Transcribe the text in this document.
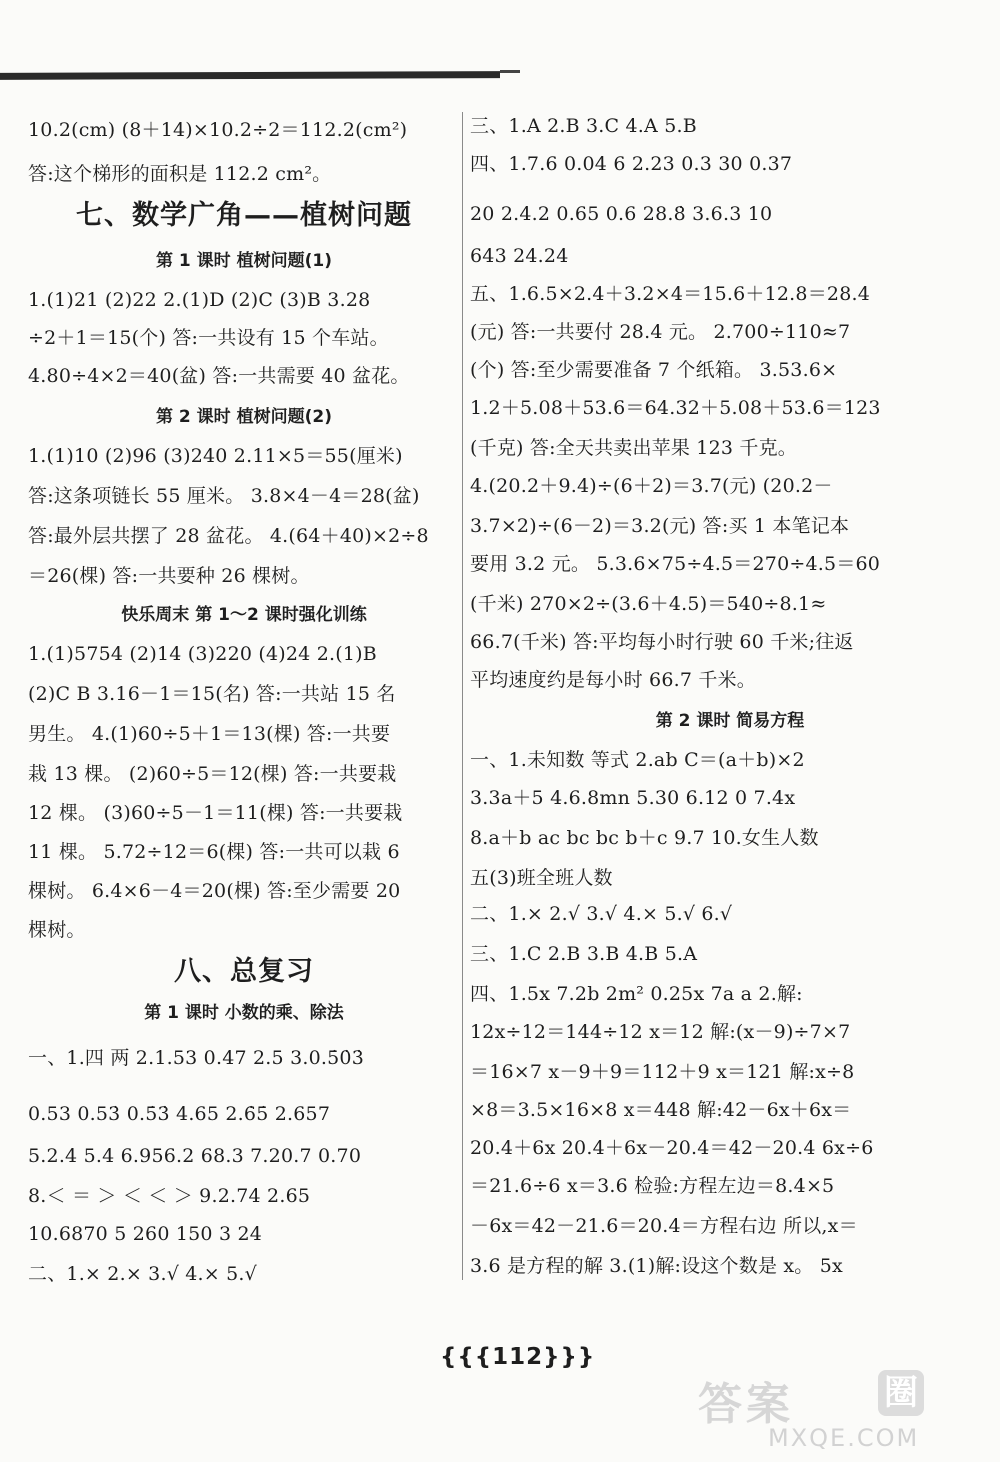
10.2(cm) (8＋14)×10.2÷2＝112.2(cm²)
答:这个梯形的面积是 112.2 cm²。
七、数学广角——植树问题
第 1 课时 植树问题(1)
1.(1)21 (2)22 2.(1)D (2)C (3)B 3.28
÷2＋1＝15(个) 答:一共设有 15 个车站。
4.80÷4×2＝40(盆) 答:一共需要 40 盆花。
第 2 课时 植树问题(2)
1.(1)10 (2)96 (3)240 2.11×5＝55(厘米)
答:这条项链长 55 厘米。 3.8×4－4＝28(盆)
答:最外层共摆了 28 盆花。 4.(64＋40)×2÷8
＝26(棵) 答:一共要种 26 棵树。
快乐周末 第 1～2 课时强化训练
1.(1)5754 (2)14 (3)220 (4)24 2.(1)B
(2)C B 3.16－1＝15(名) 答:一共站 15 名
男生。 4.(1)60÷5＋1＝13(棵) 答:一共要
栽 13 棵。 (2)60÷5＝12(棵) 答:一共要栽
12 棵。 (3)60÷5－1＝11(棵) 答:一共要栽
11 棵。 5.72÷12＝6(棵) 答:一共可以栽 6
棵树。 6.4×6－4＝20(棵) 答:至少需要 20
棵树。
八、总复习
第 1 课时 小数的乘、除法
一、1.四 两 2.1.53 0.47 2.5 3.0.5̇0̇3̇
0.53 0.53̇ 0.5̇3̇ 4.65 2.6̇5̇ 2.657
5.2.4 5.4 6.956.2 68.3 7.20.7 0.70
8.＜ ＝ ＞ ＜ ＜ ＞ 9.2.74 2.65
10.6870 5 260 150 3 24
二、1.× 2.× 3.√ 4.× 5.√
三、1.A 2.B 3.C 4.A 5.B
四、1.7.6 0.04 6 2.23 0.3 30 0.37
20 2.4.2 0.65 0.6 28.8̇ 3.6.3 10
643 24.24
五、1.6.5×2.4＋3.2×4＝15.6＋12.8＝28.4
(元) 答:一共要付 28.4 元。 2.700÷110≈7
(个) 答:至少需要准备 7 个纸箱。 3.53.6×
1.2＋5.08＋53.6＝64.32＋5.08＋53.6＝123
(千克) 答:全天共卖出苹果 123 千克。
4.(20.2＋9.4)÷(6＋2)＝3.7(元) (20.2－
3.7×2)÷(6－2)＝3.2(元) 答:买 1 本笔记本
要用 3.2 元。 5.3.6×75÷4.5＝270÷4.5＝60
(千米) 270×2÷(3.6＋4.5)＝540÷8.1≈
66.7(千米) 答:平均每小时行驶 60 千米;往返
平均速度约是每小时 66.7 千米。
第 2 课时 简易方程
一、1.未知数 等式 2.ab C＝(a＋b)×2
3.3a＋5 4.6.8mn 5.30 6.12 0 7.4x
8.a＋b ac bc bc b＋c 9.7 10.女生人数
五(3)班全班人数
二、1.× 2.√ 3.√ 4.× 5.√ 6.√
三、1.C 2.B 3.B 4.B 5.A
四、1.5x 7.2b 2m² 0.25x 7a a 2.解:
12x÷12＝144÷12 x＝12 解:(x－9)÷7×7
＝16×7 x－9＋9＝112＋9 x＝121 解:x÷8
×8＝3.5×16×8 x＝448 解:42－6x＋6x＝
20.4＋6x 20.4＋6x－20.4＝42－20.4 6x÷6
＝21.6÷6 x＝3.6 检验:方程左边＝8.4×5
－6x＝42－21.6＝20.4＝方程右边 所以,x＝
3.6 是方程的解 3.(1)解:设这个数是 x。 5x
{{{112}}}
答案	圈
MXQE.COM
